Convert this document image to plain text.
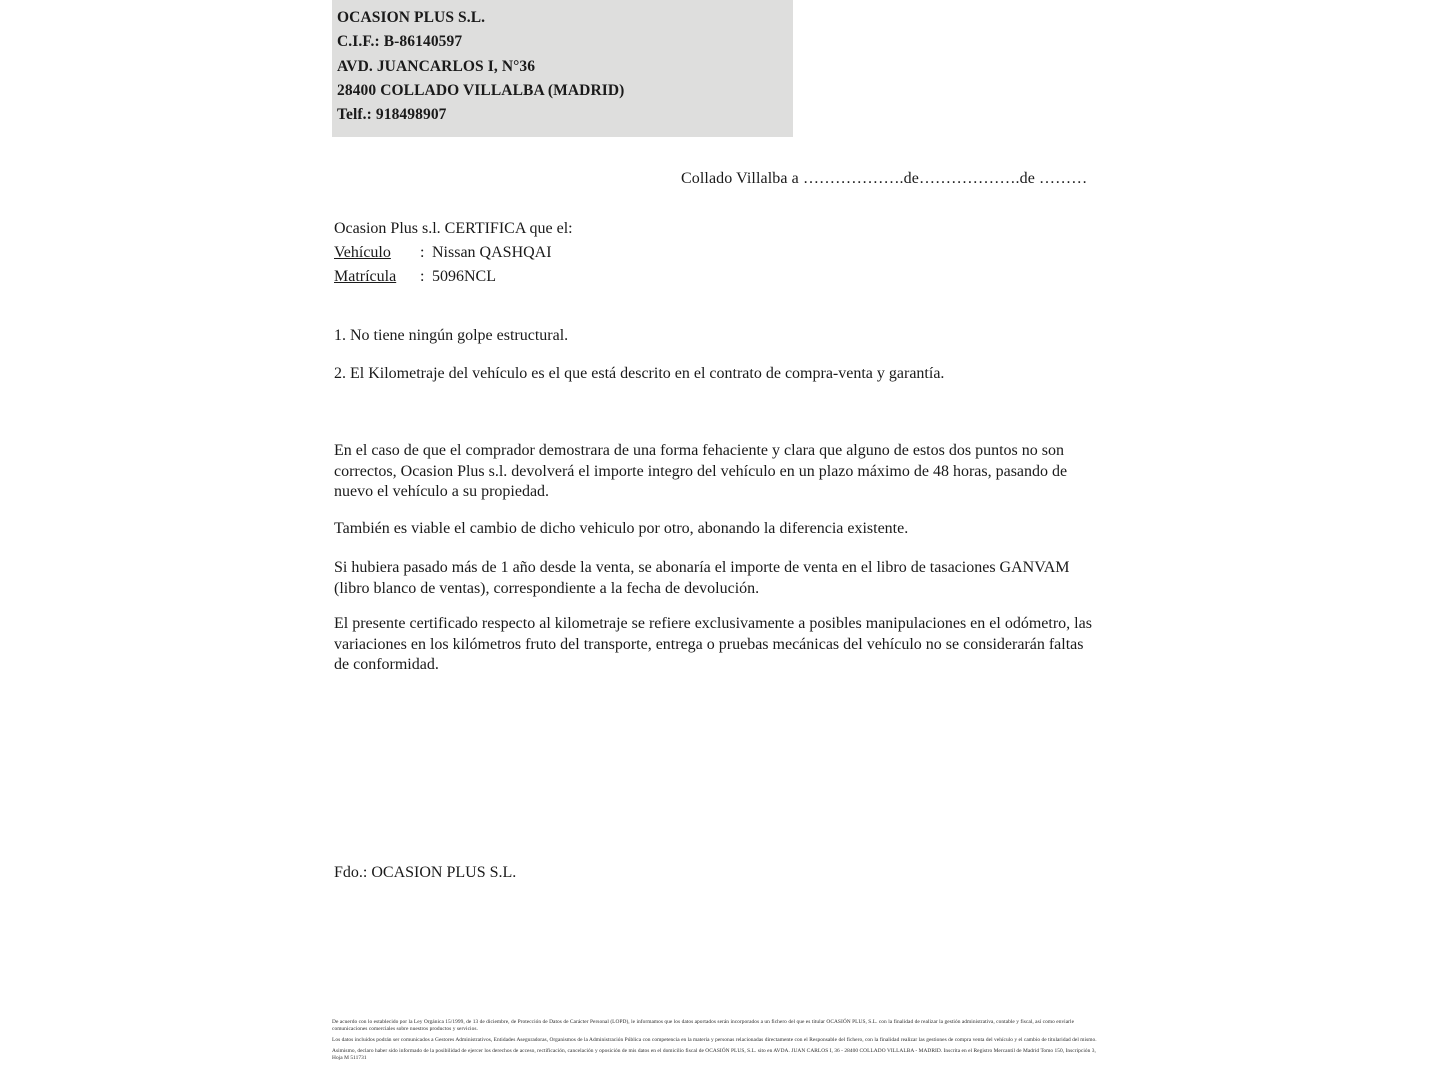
OCASION PLUS S.L.
C.I.F.: B-86140597
AVD. JUANCARLOS I, N°36
28400 COLLADO VILLALBA (MADRID)
Telf.: 918498907
Collado Villalba a ……………….de……………….de ………
Ocasion Plus s.l. CERTIFICA que el:
Vehículo	: Nissan QASHQAI
Matrícula	: 5096NCL
1. No tiene ningún golpe estructural.
2. El Kilometraje del vehículo es el que está descrito en el contrato de compra-venta y garantía.
En el caso de que el comprador demostrara de una forma fehaciente y clara que alguno de estos dos puntos no son correctos, Ocasion Plus s.l. devolverá el importe integro del vehículo en un plazo máximo de 48 horas, pasando de nuevo el vehículo a su propiedad.
También es viable el cambio de dicho vehiculo por otro, abonando la diferencia existente.
Si hubiera pasado más de 1 año desde la venta, se abonaría el importe de venta en el libro de tasaciones GANVAM (libro blanco de ventas), correspondiente a la fecha de devolución.
El presente certificado respecto al kilometraje se refiere exclusivamente a posibles manipulaciones en el odómetro, las variaciones en los kilómetros fruto del transporte, entrega o pruebas mecánicas del vehículo no se considerarán faltas de conformidad.
Fdo.: OCASION PLUS S.L.

De acuerdo con lo establecido por la Ley Orgánica 15/1999, de 13 de diciembre, de Protección de Datos de Carácter Personal (LOPD), le informamos que los datos aportados serán incorporados a un fichero del que es titular OCASIÓN PLUS, S.L. con la finalidad de realizar la gestión administrativa, contable y fiscal, así como enviarle comunicaciones comerciales sobre nuestros productos y servicios.

Los datos incluidos podrán ser comunicados a Gestores Administrativos, Entidades Aseguradoras, Organismos de la Administración Pública con competencia en la materia y personas relacionadas directamente con el Responsable del fichero, con la finalidad realizar las gestiones de compra venta del vehículo y el cambio de titularidad del mismo.

Asimismo, declaro haber sido informado de la posibilidad de ejercer los derechos de acceso, rectificación, cancelación y oposición de mis datos en el domicilio fiscal de OCASIÓN PLUS, S.L. sito en AVDA. JUAN CARLOS I, 36 - 28400 COLLADO VILLALBA - MADRID. Inscrita en el Registro Mercantil de Madrid Tomo 150, Inscripción 3, Hoja M 511731
